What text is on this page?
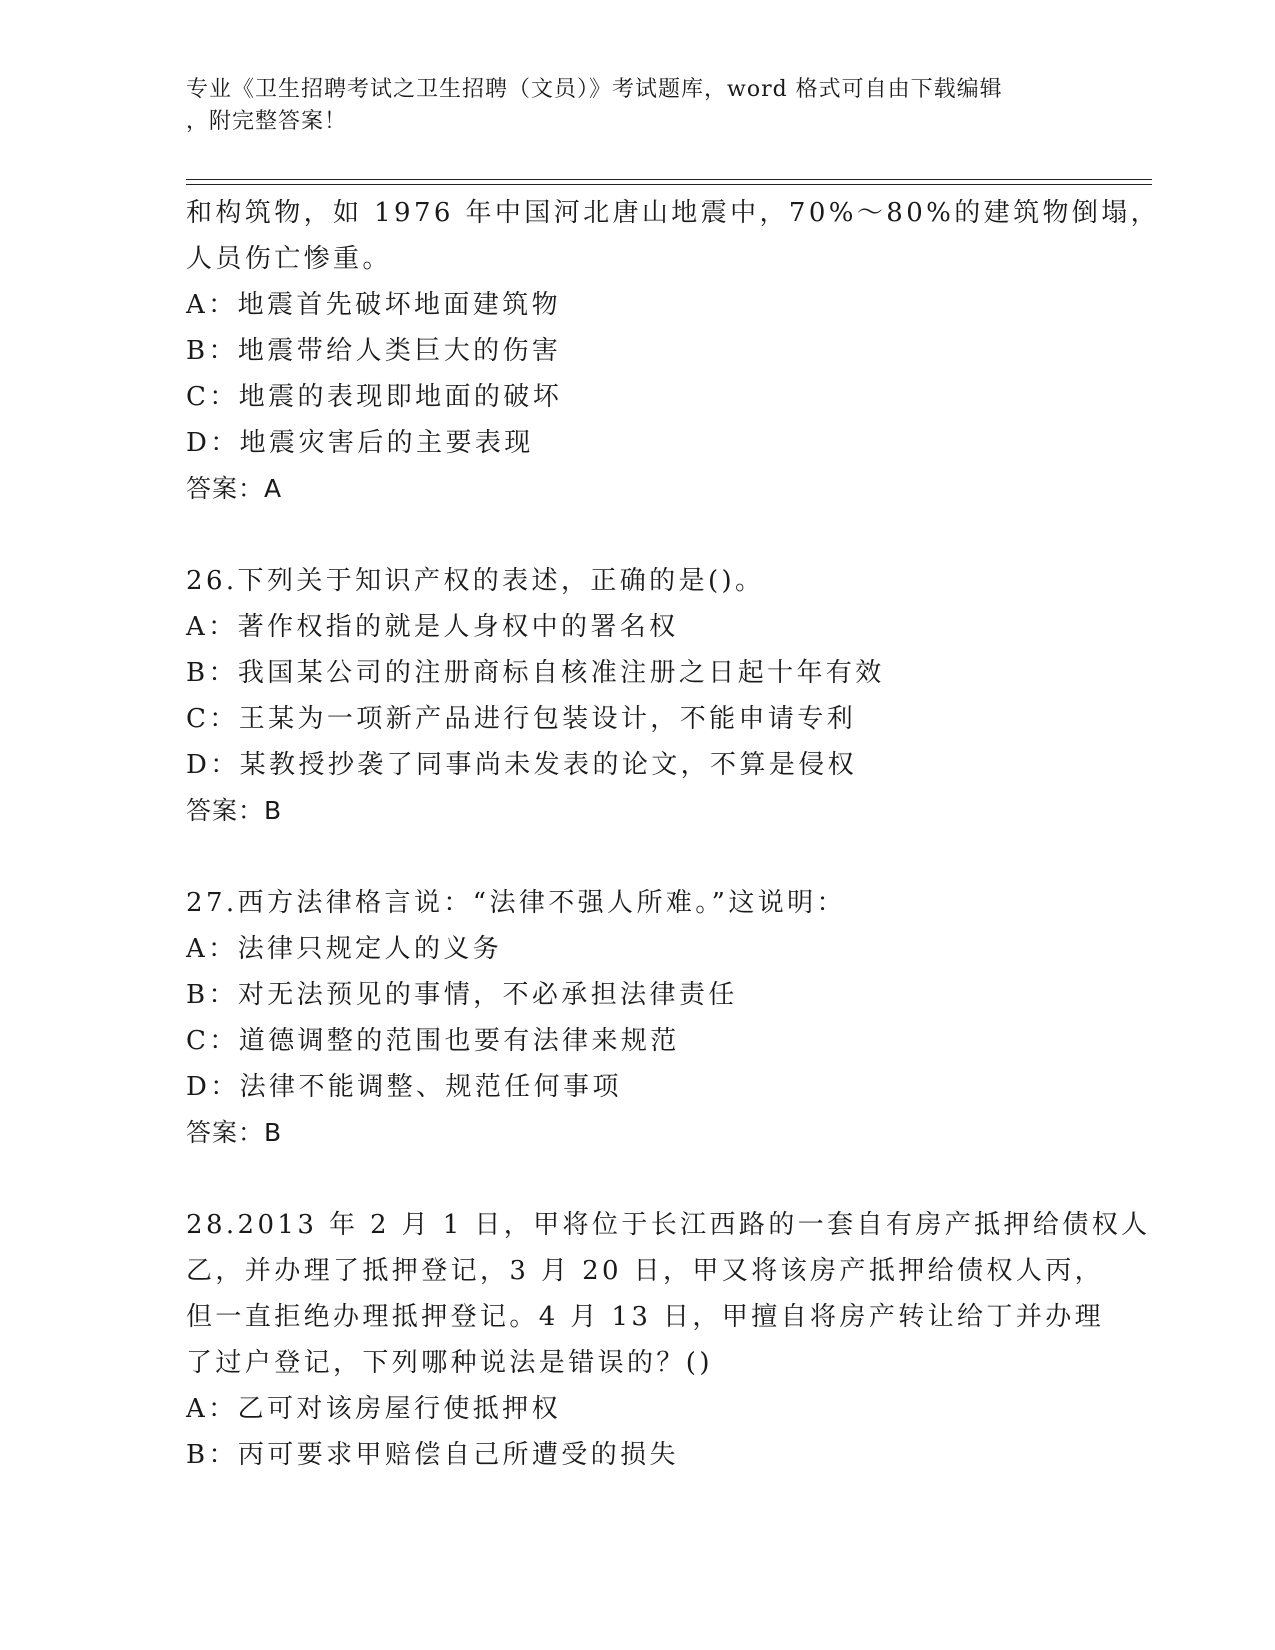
专业《卫生招聘考试之卫生招聘（文员）》考试题库，word 格式可自由下载编辑

，附完整答案！

和构筑物，如 1976 年中国河北唐山地震中，70%～80%的建筑物倒塌，
人员伤亡惨重。
A：地震首先破坏地面建筑物
B：地震带给人类巨大的伤害
C：地震的表现即地面的破坏
D：地震灾害后的主要表现
答案：A
26.下列关于知识产权的表述，正确的是()。
A：著作权指的就是人身权中的署名权
B：我国某公司的注册商标自核准注册之日起十年有效
C：王某为一项新产品进行包装设计，不能申请专利
D：某教授抄袭了同事尚未发表的论文，不算是侵权
答案：B
27.西方法律格言说：“法律不强人所难。”这说明：
A：法律只规定人的义务
B：对无法预见的事情，不必承担法律责任
C：道德调整的范围也要有法律来规范
D：法律不能调整、规范任何事项
答案：B
28.2013 年 2 月 1 日，甲将位于长江西路的一套自有房产抵押给债权人
乙，并办理了抵押登记，3 月 20 日，甲又将该房产抵押给债权人丙，
但一直拒绝办理抵押登记。4 月 13 日，甲擅自将房产转让给丁并办理
了过户登记，下列哪种说法是错误的？()
A：乙可对该房屋行使抵押权
B：丙可要求甲赔偿自己所遭受的损失
